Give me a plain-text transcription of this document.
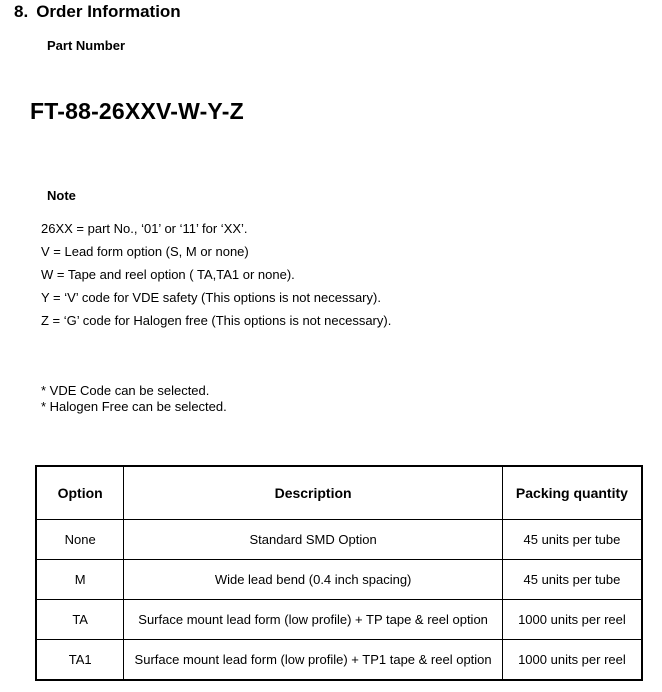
8. Order Information
Part Number
FT-88-26XXV-W-Y-Z
Note
26XX = part No., ‘01’ or ‘11’ for ‘XX’.
V = Lead form option (S, M or none)
W = Tape and reel option ( TA,TA1 or none).
Y = ‘V’ code for VDE safety (This options is not necessary).
Z = ‘G’ code for Halogen free (This options is not necessary).
* VDE Code can be selected.
* Halogen Free can be selected.
Option	Description	Packing quantity
None	Standard SMD Option	45 units per tube
M	Wide lead bend (0.4 inch spacing)	45 units per tube
TA	Surface mount lead form (low profile) + TP tape & reel option	1000 units per reel
TA1	Surface mount lead form (low profile) + TP1 tape & reel option	1000 units per reel
